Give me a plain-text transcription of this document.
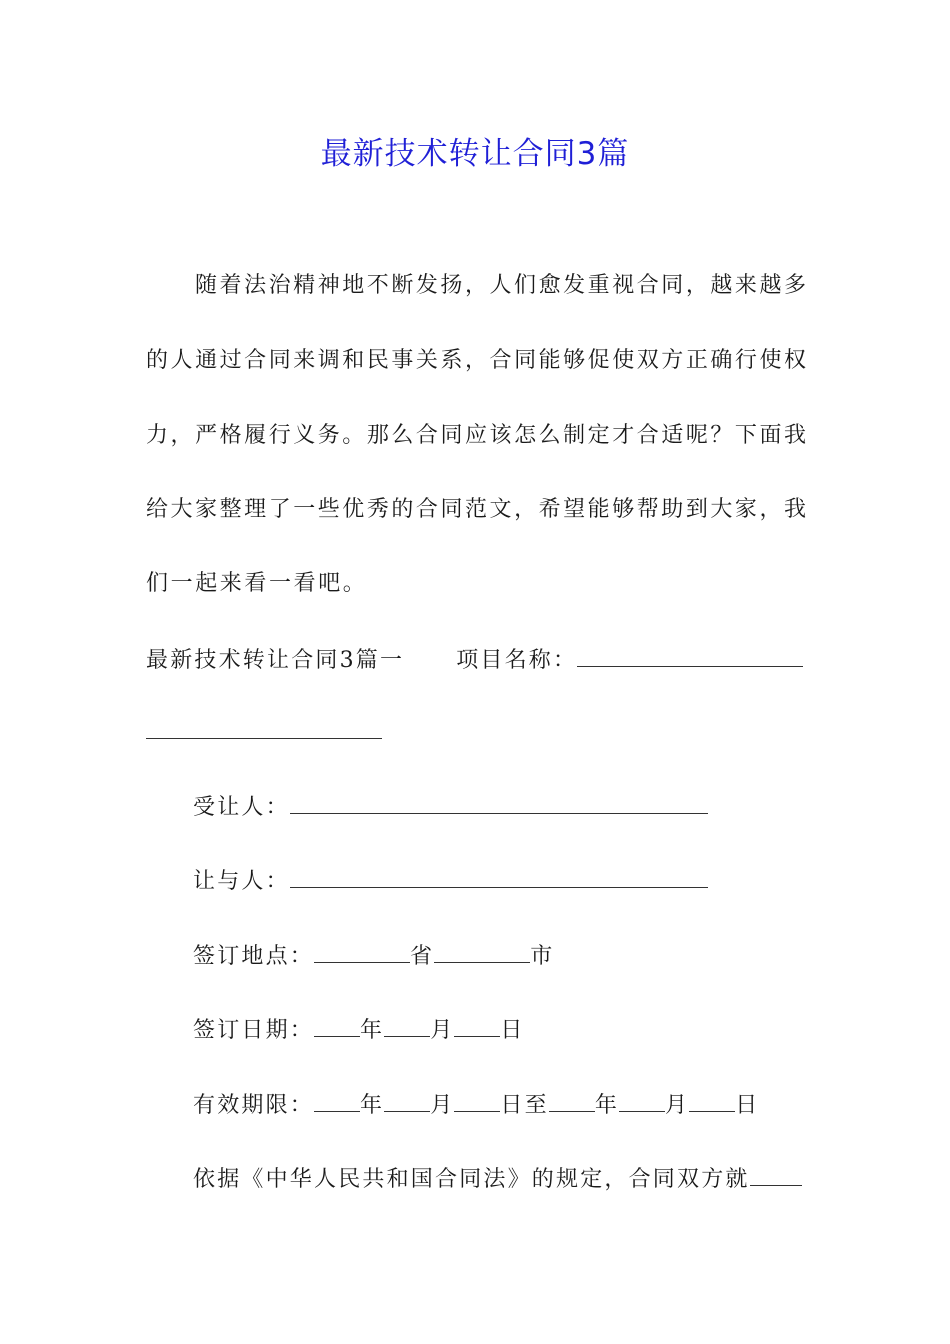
最新技术转让合同3篇
随着法治精神地不断发扬，人们愈发重视合同，越来越多
的人通过合同来调和民事关系，合同能够促使双方正确行使权
力，严格履行义务。那么合同应该怎么制定才合适呢？下面我
给大家整理了一些优秀的合同范文，希望能够帮助到大家，我
们一起来看一看吧。
最新技术转让合同3篇一 项目名称：
受让人：
让与人：
签订地点：	省	市
签订日期： 年 月 日
有效期限： 年 月 日至 年 月 日
依据《中华人民共和国合同法》的规定，合同双方就
